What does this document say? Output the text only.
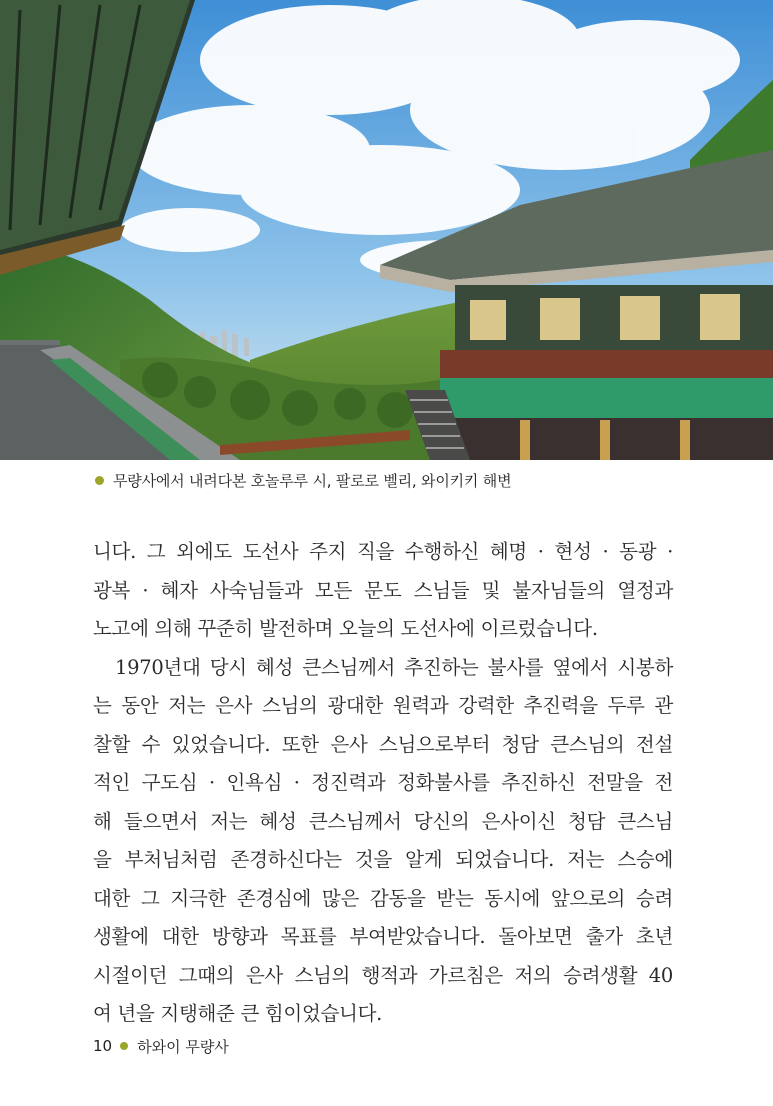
무량사에서 내려다본 호놀루루 시, 팔로로 벨리, 와이키키 해변
니다. 그 외에도 도선사 주지 직을 수행하신 혜명 · 현성 · 동광 ·
광복 · 혜자 사숙님들과 모든 문도 스님들 및 불자님들의 열정과
노고에 의해 꾸준히 발전하며 오늘의 도선사에 이르렀습니다.
1970년대 당시 혜성 큰스님께서 추진하는 불사를 옆에서 시봉하
는 동안 저는 은사 스님의 광대한 원력과 강력한 추진력을 두루 관
찰할 수 있었습니다. 또한 은사 스님으로부터 청담 큰스님의 전설
적인 구도심 · 인욕심 · 정진력과 정화불사를 추진하신 전말을 전
해 들으면서 저는 혜성 큰스님께서 당신의 은사이신 청담 큰스님
을 부처님처럼 존경하신다는 것을 알게 되었습니다. 저는 스승에
대한 그 지극한 존경심에 많은 감동을 받는 동시에 앞으로의 승려
생활에 대한 방향과 목표를 부여받았습니다. 돌아보면 출가 초년
시절이던 그때의 은사 스님의 행적과 가르침은 저의 승려생활 40
여 년을 지탱해준 큰 힘이었습니다.
10 하와이 무량사
